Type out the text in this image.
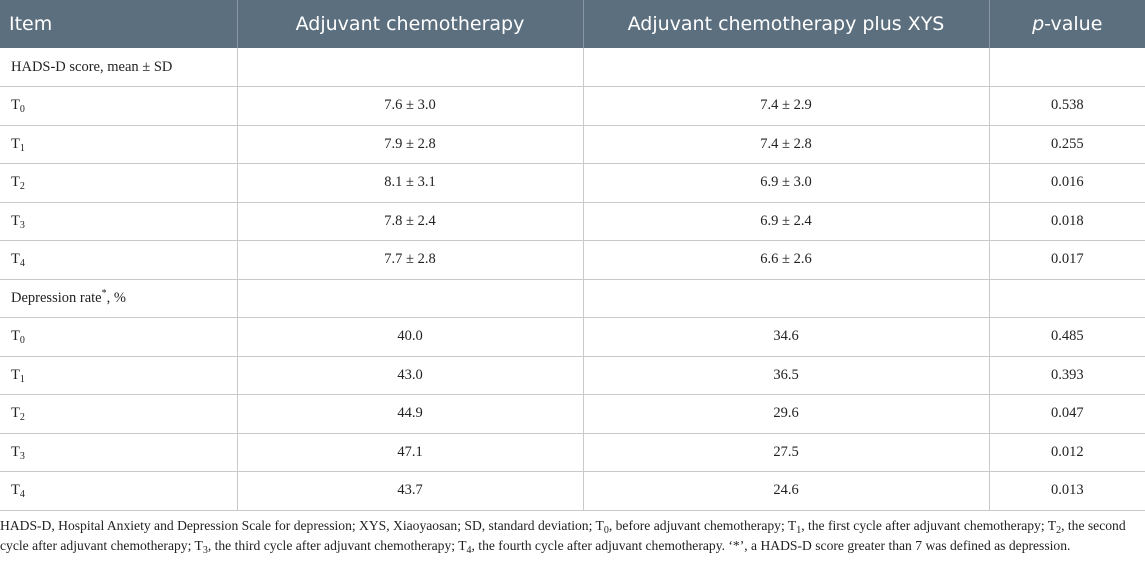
Item	Adjuvant chemotherapy	Adjuvant chemotherapy plus XYS	p-value
HADS-D score, mean ± SD			
$T_0$	7.6 ± 3.0	7.4 ± 2.9	0.538
$T_1$	7.9 ± 2.8	7.4 ± 2.8	0.255
$T_2$	8.1 ± 3.1	6.9 ± 3.0	0.016
$T_3$	7.8 ± 2.4	6.9 ± 2.4	0.018
$T_4$	7.7 ± 2.8	6.6 ± 2.6	0.017
Depression rate*, %			
$T_0$	40.0	34.6	0.485
$T_1$	43.0	36.5	0.393
$T_2$	44.9	29.6	0.047
$T_3$	47.1	27.5	0.012
$T_4$	43.7	24.6	0.013
HADS-D, Hospital Anxiety and Depression Scale for depression; XYS, Xiaoyaosan; SD, standard deviation; $T_0$, before adjuvant chemotherapy; $T_1$, the first cycle after adjuvant chemotherapy; $T_2$, the second cycle after adjuvant chemotherapy; $T_3$, the third cycle after adjuvant chemotherapy; $T_4$, the fourth cycle after adjuvant chemotherapy. ‘*’, a HADS-D score greater than 7 was defined as depression.
